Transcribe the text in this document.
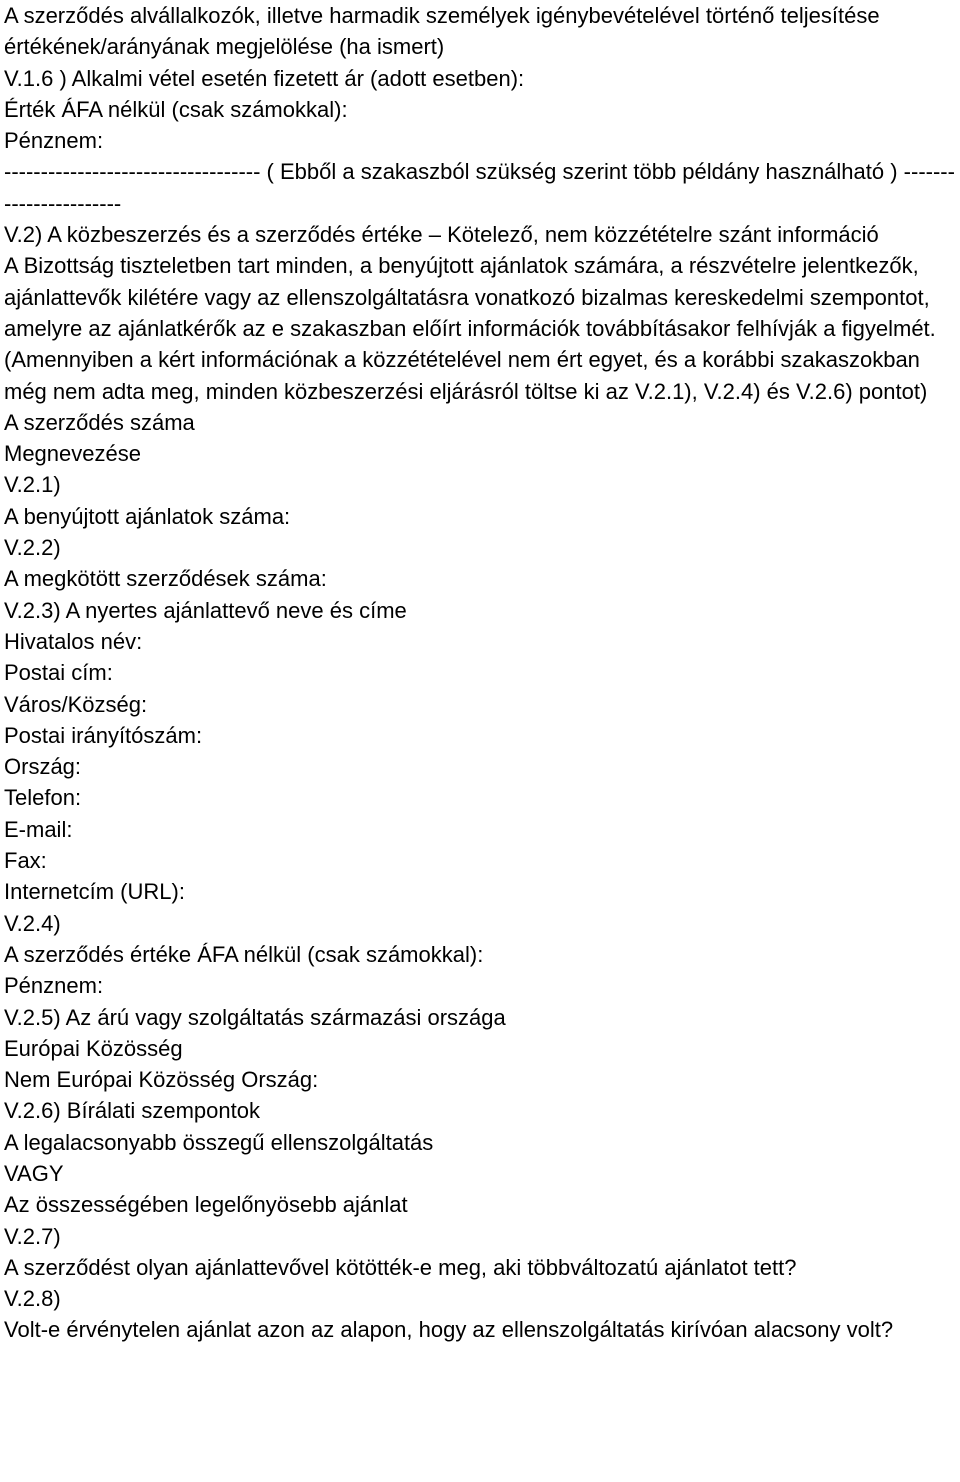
A szerződés alvállalkozók, illetve harmadik személyek igénybevételével történő teljesítése értékének/arányának megjelölése (ha ismert)

V.1.6 ) Alkalmi vétel esetén fizetett ár (adott esetben):

Érték ÁFA nélkül (csak számokkal):

Pénznem:

----------------------------------- ( Ebből a szakaszból szükség szerint több példány használható ) -----------------------

V.2) A közbeszerzés és a szerződés értéke – Kötelező, nem közzétételre szánt információ

A Bizottság tiszteletben tart minden, a benyújtott ajánlatok számára, a részvételre jelentkezők, ajánlattevők kilétére vagy az ellenszolgáltatásra vonatkozó bizalmas kereskedelmi szempontot, amelyre az ajánlatkérők az e szakaszban előírt információk továbbításakor felhívják a figyelmét.

(Amennyiben a kért információnak a közzétételével nem ért egyet, és a korábbi szakaszokban még nem adta meg, minden közbeszerzési eljárásról töltse ki az V.2.1), V.2.4) és V.2.6) pontot)

A szerződés száma

Megnevezése

V.2.1)

A benyújtott ajánlatok száma:

V.2.2)

A megkötött szerződések száma:

V.2.3) A nyertes ajánlattevő neve és címe

Hivatalos név:

Postai cím:

Város/Község:

Postai irányítószám:

Ország:

Telefon:

E-mail:

Fax:

Internetcím (URL):

V.2.4)

A szerződés értéke ÁFA nélkül (csak számokkal):

Pénznem:

V.2.5) Az árú vagy szolgáltatás származási országa

Európai Közösség

Nem Európai Közösség Ország:

V.2.6) Bírálati szempontok

A legalacsonyabb összegű ellenszolgáltatás

VAGY

Az összességében legelőnyösebb ajánlat

V.2.7)

A szerződést olyan ajánlattevővel kötötték-e meg, aki többváltozatú ajánlatot tett?

V.2.8)

Volt-e érvénytelen ajánlat azon az alapon, hogy az ellenszolgáltatás kirívóan alacsony volt?
